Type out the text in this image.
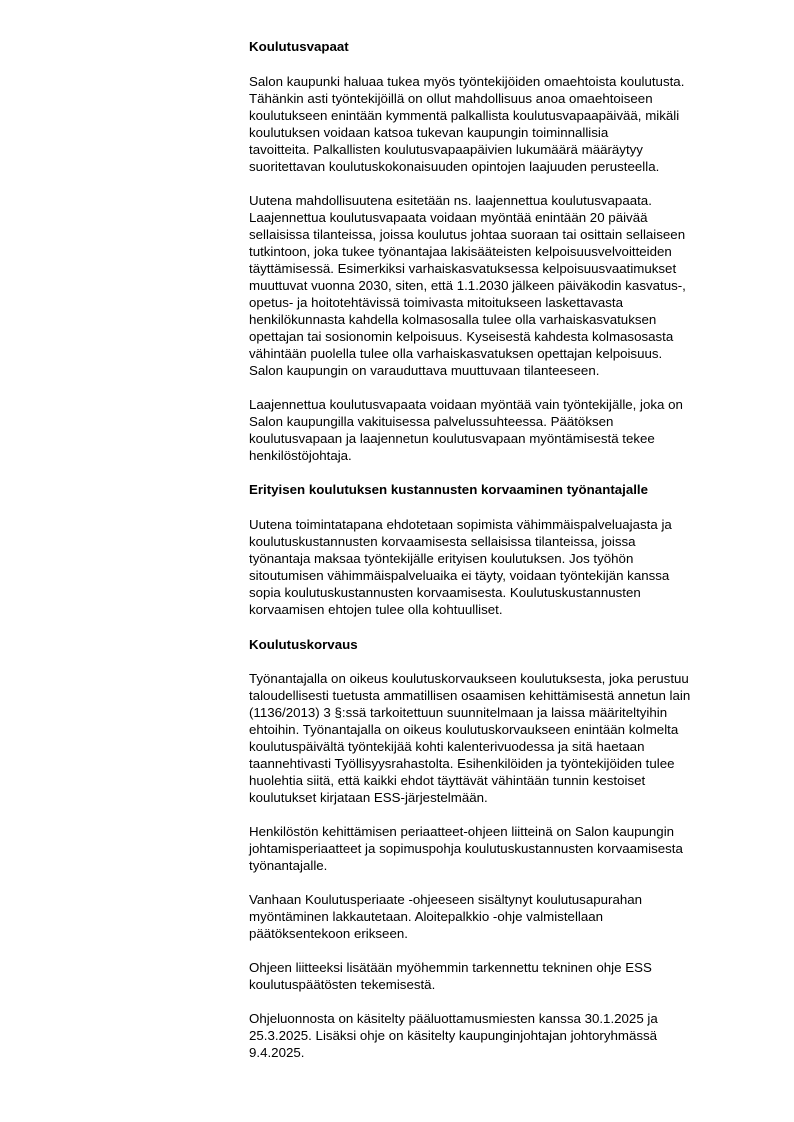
Koulutusvapaat

Salon kaupunki haluaa tukea myös työntekijöiden omaehtoista koulutusta.
Tähänkin asti työntekijöillä on ollut mahdollisuus anoa omaehtoiseen
koulutukseen enintään kymmentä palkallista koulutusvapaapäivää, mikäli
koulutuksen voidaan katsoa tukevan kaupungin toiminnallisia
tavoitteita. Palkallisten koulutusvapaapäivien lukumäärä määräytyy
suoritettavan koulutuskokonaisuuden opintojen laajuuden perusteella.

Uutena mahdollisuutena esitetään ns. laajennettua koulutusvapaata.
Laajennettua koulutusvapaata voidaan myöntää enintään 20 päivää
sellaisissa tilanteissa, joissa koulutus johtaa suoraan tai osittain sellaiseen
tutkintoon, joka tukee työnantajaa lakisääteisten kelpoisuusvelvoitteiden
täyttämisessä. Esimerkiksi varhaiskasvatuksessa kelpoisuusvaatimukset
muuttuvat vuonna 2030, siten, että 1.1.2030 jälkeen päiväkodin kasvatus-,
opetus- ja hoitotehtävissä toimivasta mitoitukseen laskettavasta
henkilökunnasta kahdella kolmasosalla tulee olla varhaiskasvatuksen
opettajan tai sosionomin kelpoisuus. Kyseisestä kahdesta kolmasosasta
vähintään puolella tulee olla varhaiskasvatuksen opettajan kelpoisuus.
Salon kaupungin on varauduttava muuttuvaan tilanteeseen.

Laajennettua koulutusvapaata voidaan myöntää vain työntekijälle, joka on
Salon kaupungilla vakituisessa palvelussuhteessa. Päätöksen
koulutusvapaan ja laajennetun koulutusvapaan myöntämisestä tekee
henkilöstöjohtaja.

Erityisen koulutuksen kustannusten korvaaminen työnantajalle

Uutena toimintatapana ehdotetaan sopimista vähimmäispalveluajasta ja
koulutuskustannusten korvaamisesta sellaisissa tilanteissa, joissa
työnantaja maksaa työntekijälle erityisen koulutuksen. Jos työhön
sitoutumisen vähimmäispalveluaika ei täyty, voidaan työntekijän kanssa
sopia koulutuskustannusten korvaamisesta. Koulutuskustannusten
korvaamisen ehtojen tulee olla kohtuulliset.

Koulutuskorvaus

Työnantajalla on oikeus koulutuskorvaukseen koulutuksesta, joka perustuu
taloudellisesti tuetusta ammatillisen osaamisen kehittämisestä annetun lain
(1136/2013) 3 §:ssä tarkoitettuun suunnitelmaan ja laissa määriteltyihin
ehtoihin. Työnantajalla on oikeus koulutuskorvaukseen enintään kolmelta
koulutuspäivältä työntekijää kohti kalenterivuodessa ja sitä haetaan
taannehtivasti Työllisyysrahastolta. Esihenkilöiden ja työntekijöiden tulee
huolehtia siitä, että kaikki ehdot täyttävät vähintään tunnin kestoiset
koulutukset kirjataan ESS-järjestelmään.

Henkilöstön kehittämisen periaatteet-ohjeen liitteinä on Salon kaupungin
johtamisperiaatteet ja sopimuspohja koulutuskustannusten korvaamisesta
työnantajalle.

Vanhaan Koulutusperiaate -ohjeeseen sisältynyt koulutusapurahan
myöntäminen lakkautetaan. Aloitepalkkio -ohje valmistellaan
päätöksentekoon erikseen.

Ohjeen liitteeksi lisätään myöhemmin tarkennettu tekninen ohje ESS
koulutuspäätösten tekemisestä.

Ohjeluonnosta on käsitelty pääluottamusmiesten kanssa 30.1.2025 ja
25.3.2025. Lisäksi ohje on käsitelty kaupunginjohtajan johtoryhmässä
9.4.2025.
